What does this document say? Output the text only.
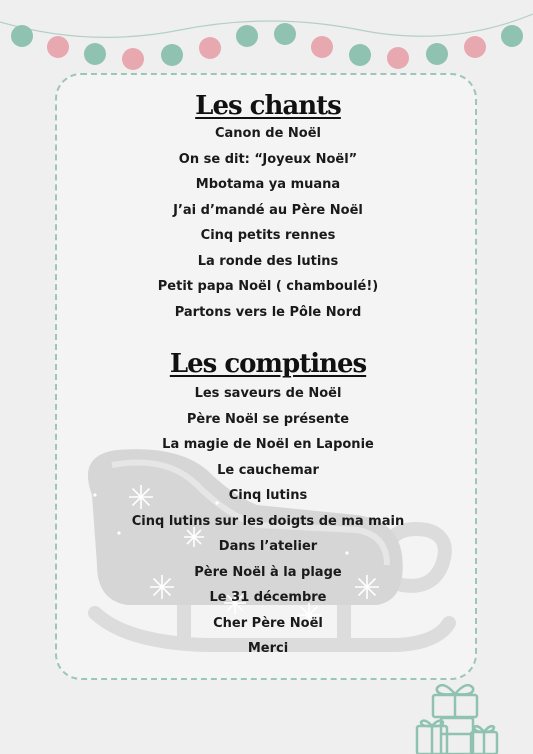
Les chants
Canon de Noël
On se dit: “Joyeux Noël”
Mbotama ya muana
J’ai d’mandé au Père Noël
Cinq petits rennes
La ronde des lutins
Petit papa Noël ( chamboulé!)
Partons vers le Pôle Nord
Les comptines
Les saveurs de Noël
Père Noël se présente
La magie de Noël en Laponie
Le cauchemar
Cinq lutins
Cinq lutins sur les doigts de ma main
Dans l’atelier
Père Noël à la plage
Le 31 décembre
Cher Père Noël
Merci
